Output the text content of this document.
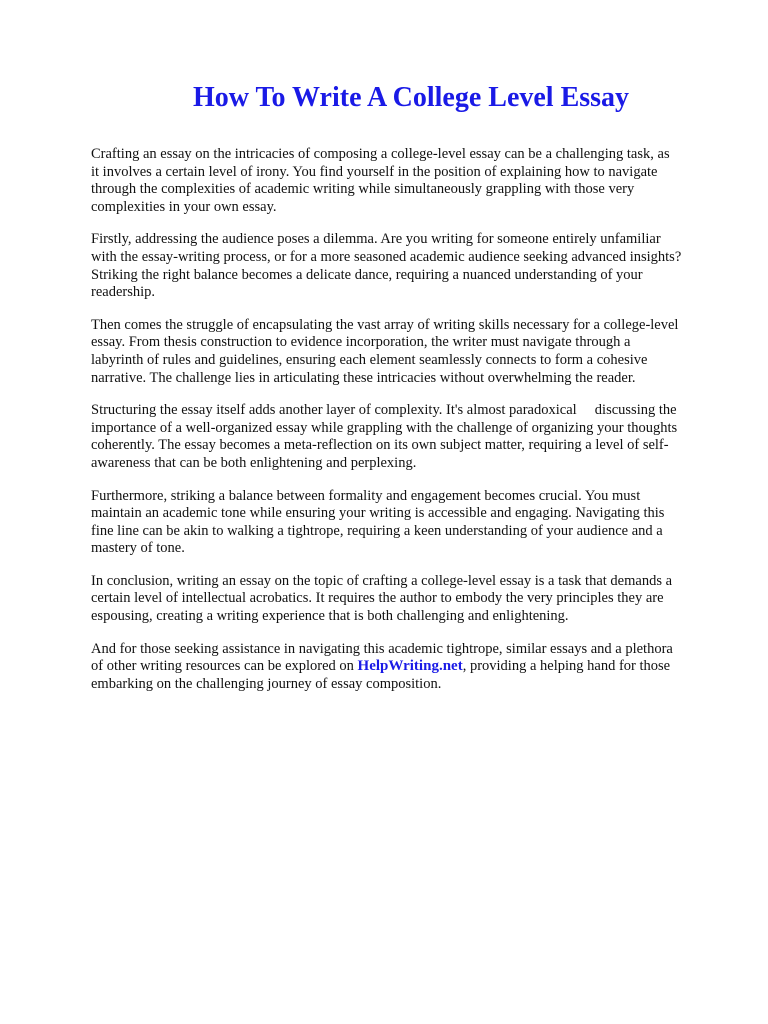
How To Write A College Level Essay

Crafting an essay on the intricacies of composing a college-level essay can be a challenging task, as
it involves a certain level of irony. You find yourself in the position of explaining how to navigate
through the complexities of academic writing while simultaneously grappling with those very
complexities in your own essay.

Firstly, addressing the audience poses a dilemma. Are you writing for someone entirely unfamiliar
with the essay-writing process, or for a more seasoned academic audience seeking advanced insights?
Striking the right balance becomes a delicate dance, requiring a nuanced understanding of your
readership.

Then comes the struggle of encapsulating the vast array of writing skills necessary for a college-level
essay. From thesis construction to evidence incorporation, the writer must navigate through a
labyrinth of rules and guidelines, ensuring each element seamlessly connects to form a cohesive
narrative. The challenge lies in articulating these intricacies without overwhelming the reader.

Structuring the essay itself adds another layer of complexity. It's almost paradoxical  discussing the
importance of a well-organized essay while grappling with the challenge of organizing your thoughts
coherently. The essay becomes a meta-reflection on its own subject matter, requiring a level of self-
awareness that can be both enlightening and perplexing.

Furthermore, striking a balance between formality and engagement becomes crucial. You must
maintain an academic tone while ensuring your writing is accessible and engaging. Navigating this
fine line can be akin to walking a tightrope, requiring a keen understanding of your audience and a
mastery of tone.

In conclusion, writing an essay on the topic of crafting a college-level essay is a task that demands a
certain level of intellectual acrobatics. It requires the author to embody the very principles they are
espousing, creating a writing experience that is both challenging and enlightening.

And for those seeking assistance in navigating this academic tightrope, similar essays and a plethora
of other writing resources can be explored on HelpWriting.net, providing a helping hand for those
embarking on the challenging journey of essay composition.
